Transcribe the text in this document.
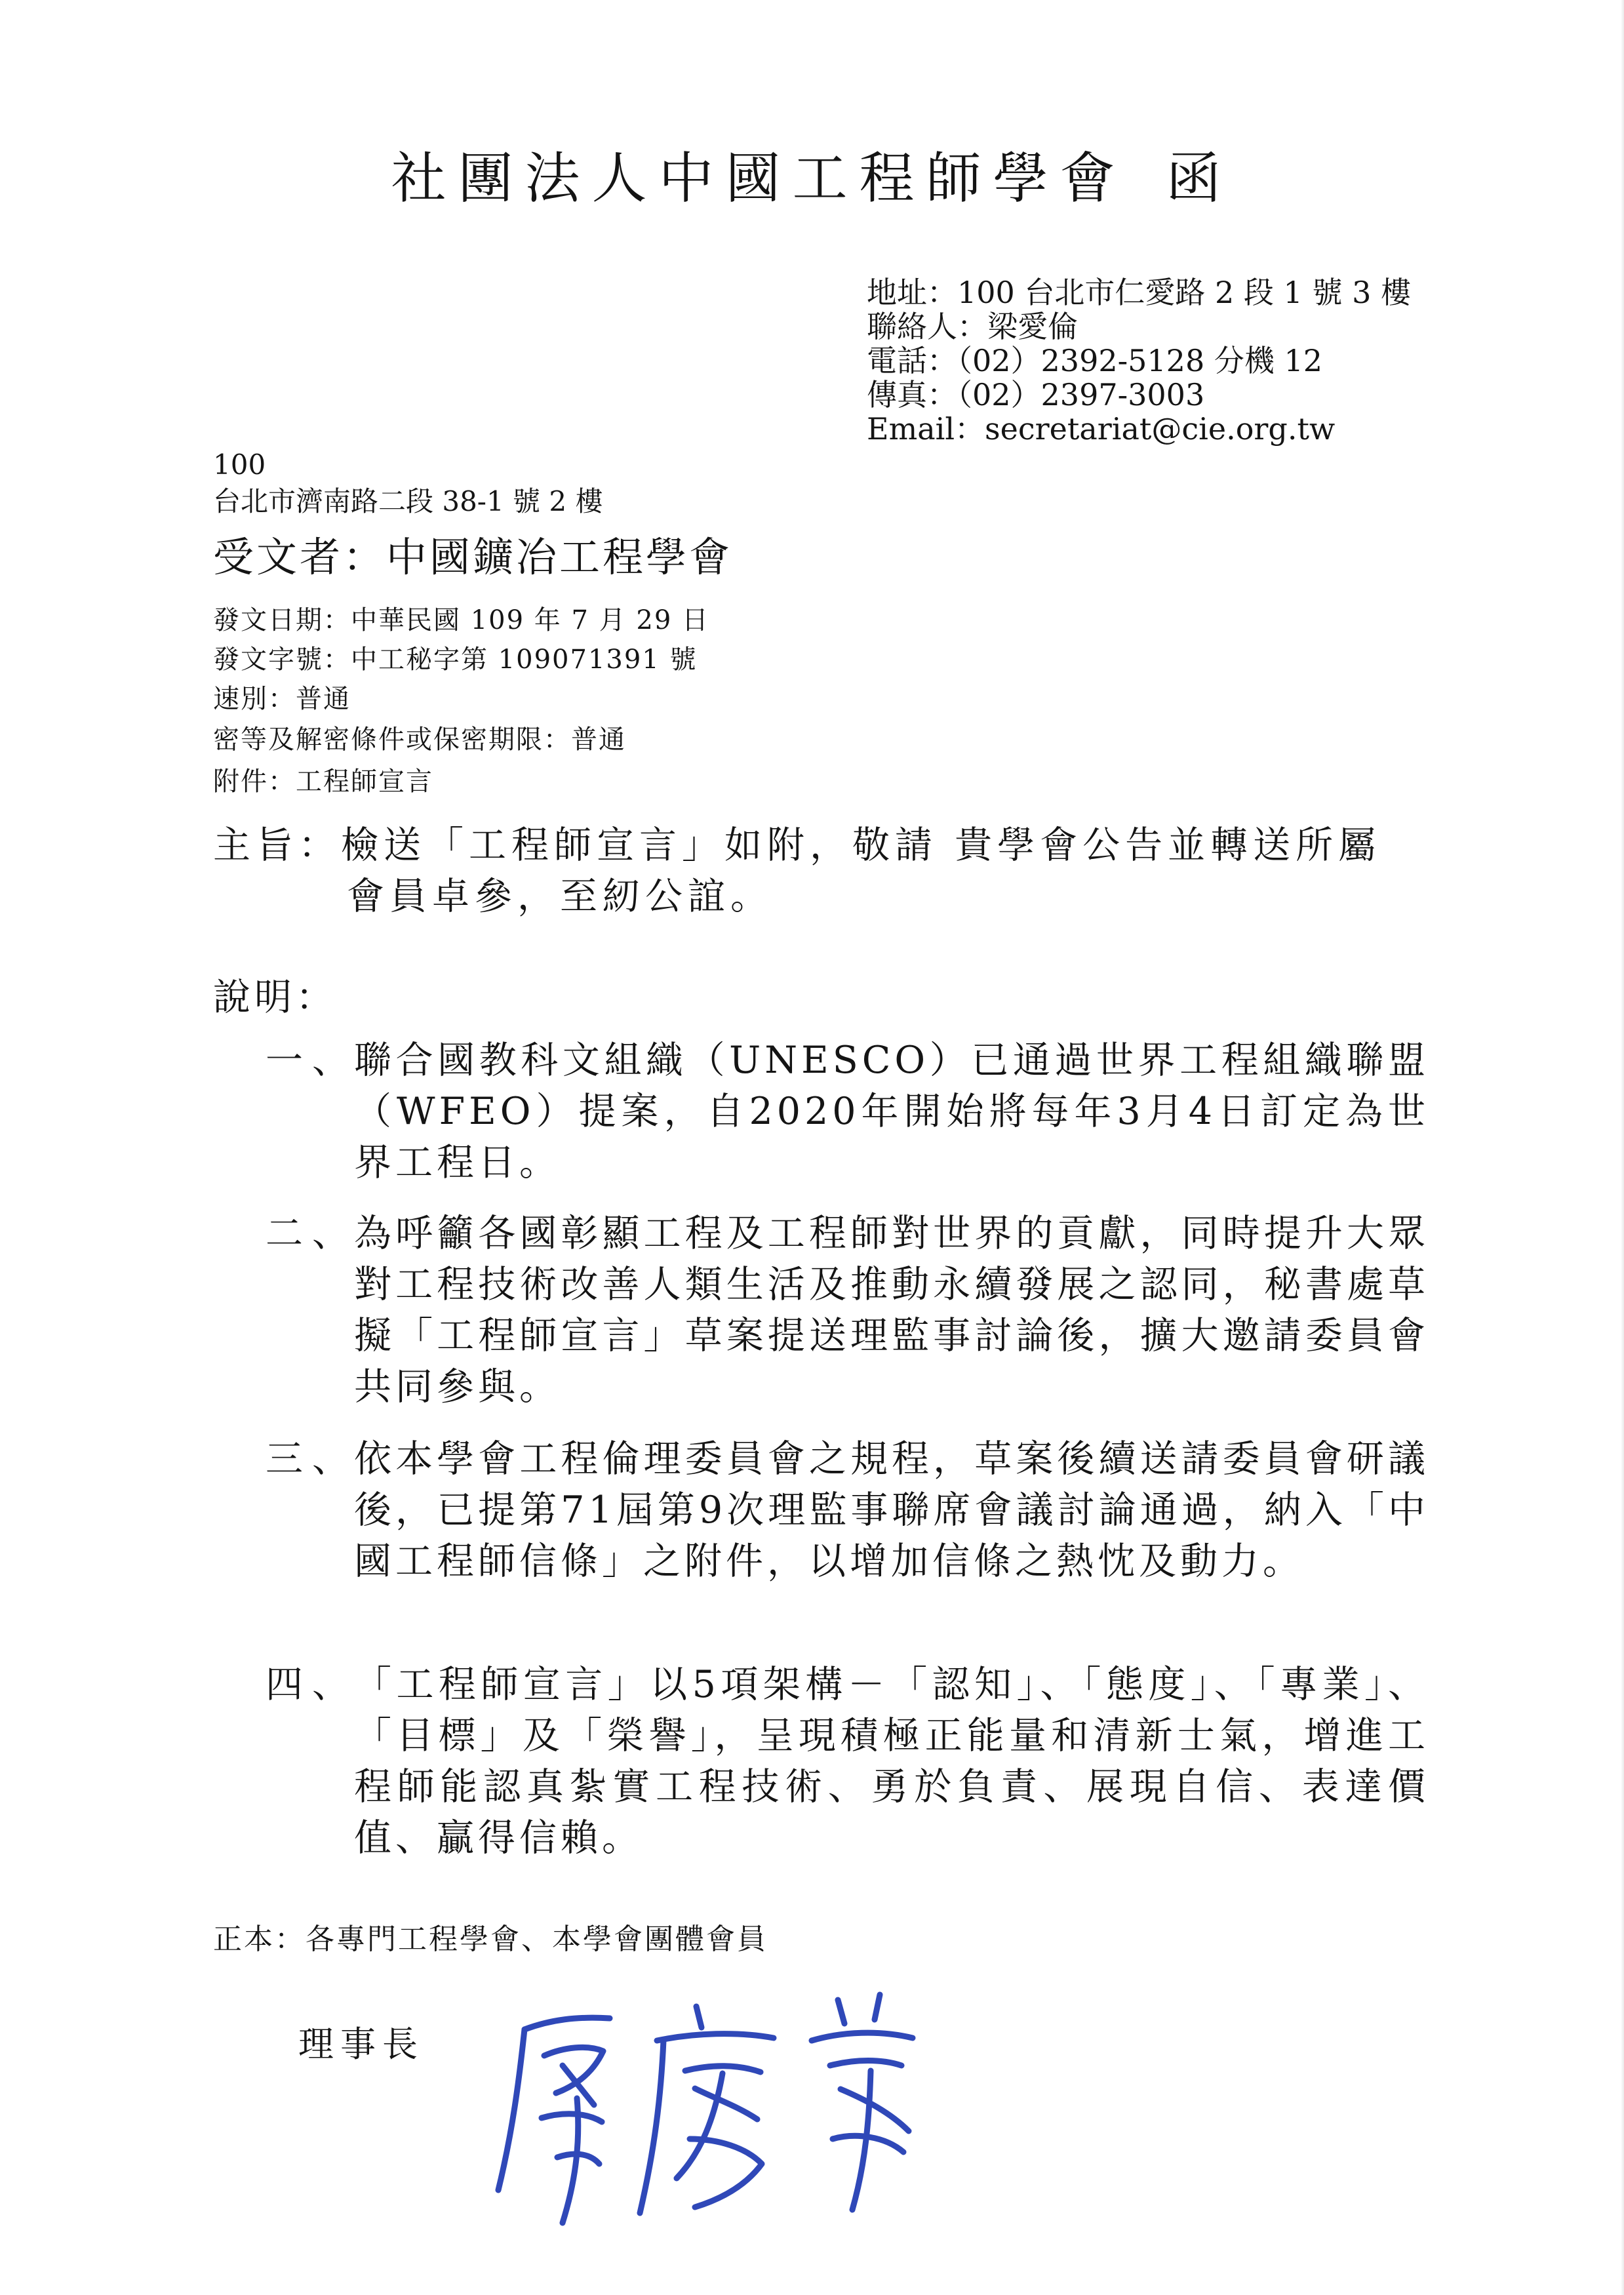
社團法人中國工程師學會 函
地址：100 台北市仁愛路 2 段 1 號 3 樓
聯絡人：梁愛倫
電話：（02）2392-5128 分機 12
傳真：（02）2397-3003
Email：secretariat@cie.org.tw
100
台北市濟南路二段 38-1 號 2 樓
受文者：中國鑛冶工程學會
發文日期：中華民國 109 年 7 月 29 日
發文字號：中工秘字第 109071391 號
速別：普通
密等及解密條件或保密期限：普通
附件：工程師宣言
主旨：檢送「工程師宣言」如附，敬請 貴學會公告並轉送所屬
會員卓參，至紉公誼。
說明：
一、
聯合國教科文組織（UNESCO）已通過世界工程組織聯盟（WFEO）提案，自2020年開始將每年3月4日訂定為世界工程日。
二、
為呼籲各國彰顯工程及工程師對世界的貢獻，同時提升大眾對工程技術改善人類生活及推動永續發展之認同，秘書處草擬「工程師宣言」草案提送理監事討論後，擴大邀請委員會共同參與。
三、
依本學會工程倫理委員會之規程，草案後續送請委員會研議後，已提第71屆第9次理監事聯席會議討論通過，納入「中國工程師信條」之附件，以增加信條之熱忱及動力。
四、
「工程師宣言」以5項架構－「認知」、「態度」、「專業」、「目標」及「榮譽」，呈現積極正能量和清新士氣，增進工程師能認真紮實工程技術、勇於負責、展現自信、表達價值、贏得信賴。
正本：各專門工程學會、本學會團體會員
理事長
